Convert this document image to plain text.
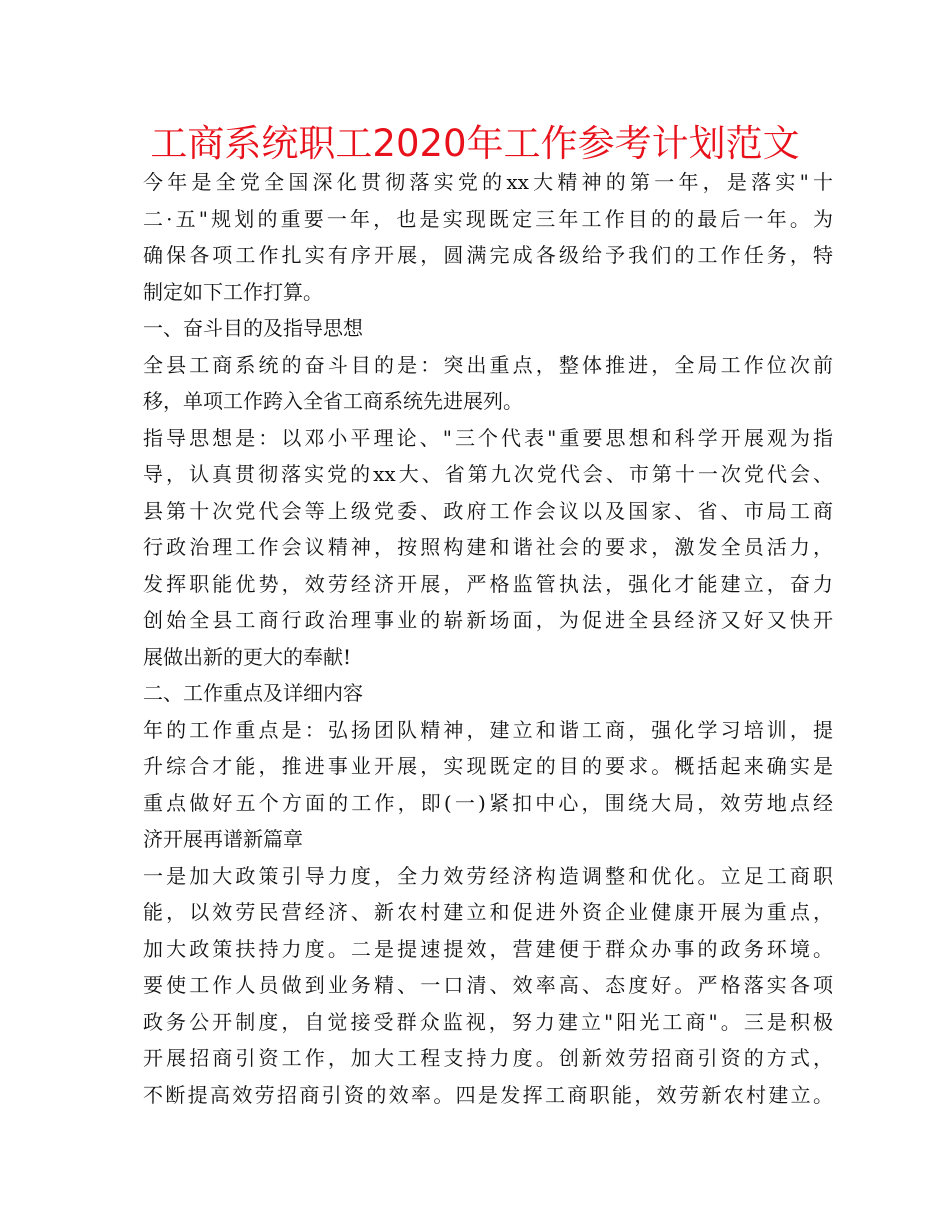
工商系统职工2020年工作参考计划范文
今年是全党全国深化贯彻落实党的xx大精神的第一年，是落实"十
二·五"规划的重要一年，也是实现既定三年工作目的的最后一年。为
确保各项工作扎实有序开展，圆满完成各级给予我们的工作任务，特
制定如下工作打算。
一、奋斗目的及指导思想
全县工商系统的奋斗目的是：突出重点，整体推进，全局工作位次前
移，单项工作跨入全省工商系统先进展列。
指导思想是：以邓小平理论、"三个代表"重要思想和科学开展观为指
导，认真贯彻落实党的xx大、省第九次党代会、市第十一次党代会、
县第十次党代会等上级党委、政府工作会议以及国家、省、市局工商
行政治理工作会议精神，按照构建和谐社会的要求，激发全员活力，
发挥职能优势，效劳经济开展，严格监管执法，强化才能建立，奋力
创始全县工商行政治理事业的崭新场面，为促进全县经济又好又快开
展做出新的更大的奉献!
二、工作重点及详细内容
年的工作重点是：弘扬团队精神，建立和谐工商，强化学习培训，提
升综合才能，推进事业开展，实现既定的目的要求。概括起来确实是
重点做好五个方面的工作，即(一)紧扣中心，围绕大局，效劳地点经
济开展再谱新篇章
一是加大政策引导力度，全力效劳经济构造调整和优化。立足工商职
能，以效劳民营经济、新农村建立和促进外资企业健康开展为重点，
加大政策扶持力度。二是提速提效，营建便于群众办事的政务环境。
要使工作人员做到业务精、一口清、效率高、态度好。严格落实各项
政务公开制度，自觉接受群众监视，努力建立"阳光工商"。三是积极
开展招商引资工作，加大工程支持力度。创新效劳招商引资的方式，
不断提高效劳招商引资的效率。四是发挥工商职能，效劳新农村建立。
